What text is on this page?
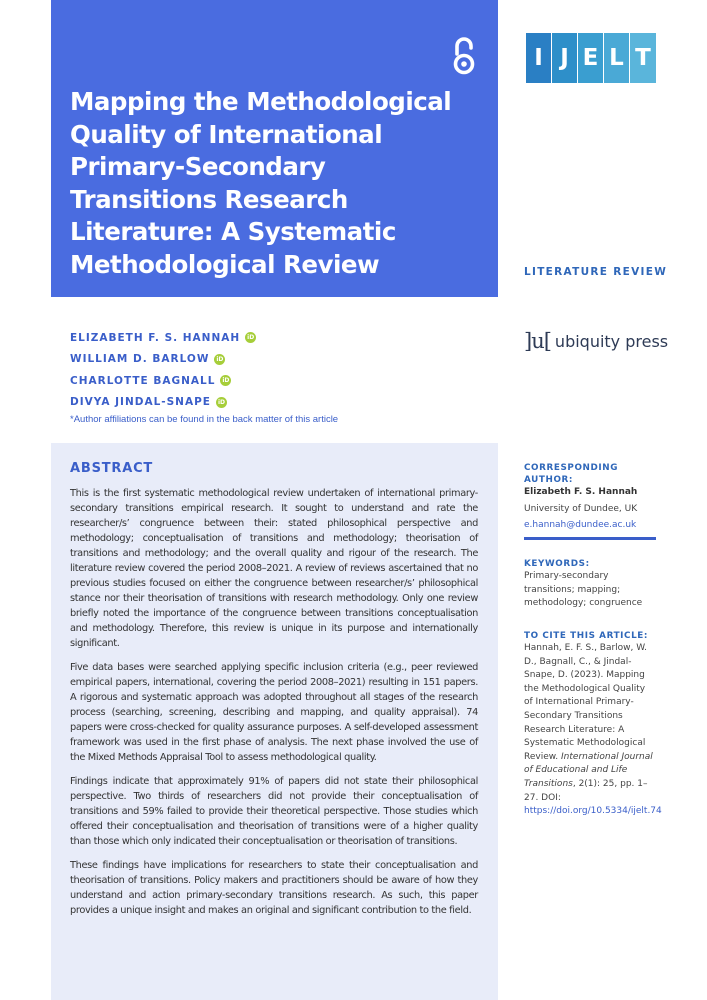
Mapping the Methodological
Quality of International
Primary-Secondary
Transitions Research
Literature: A Systematic
Methodological Review
I J E L T
LITERATURE REVIEW
]u[ ubiquity press
ELIZABETH F. S. HANNAH	iD
WILLIAM D. BARLOW	iD
CHARLOTTE BAGNALL	iD
DIVYA JINDAL-SNAPE	iD
*Author affiliations can be found in the back matter of this article
ABSTRACT

This is the first systematic methodological review undertaken of international primary-secondary transitions empirical research. It sought to understand and rate the researcher/s’ congruence between their: stated philosophical perspective and methodology; conceptualisation of transitions and methodology; theorisation of transitions and methodology; and the overall quality and rigour of the research. The literature review covered the period 2008–2021. A review of reviews ascertained that no previous studies focused on either the congruence between researcher/s’ philosophical stance nor their theorisation of transitions with research methodology. Only one review briefly noted the importance of the congruence between transitions conceptualisation and methodology. Therefore, this review is unique in its purpose and internationally significant.

Five data bases were searched applying specific inclusion criteria (e.g., peer reviewed empirical papers, international, covering the period 2008–2021) resulting in 151 papers. A rigorous and systematic approach was adopted throughout all stages of the research process (searching, screening, describing and mapping, and quality appraisal). 74 papers were cross-checked for quality assurance purposes. A self-developed assessment framework was used in the first phase of analysis. The next phase involved the use of the Mixed Methods Appraisal Tool to assess methodological quality.

Findings indicate that approximately 91% of papers did not state their philosophical perspective. Two thirds of researchers did not provide their conceptualisation of transitions and 59% failed to provide their theoretical perspective. Those studies which offered their conceptualisation and theorisation of transitions were of a higher quality than those which only indicated their conceptualisation or theorisation of transitions.

These findings have implications for researchers to state their conceptualisation and theorisation of transitions. Policy makers and practitioners should be aware of how they understand and action primary-secondary transitions research. As such, this paper provides a unique insight and makes an original and significant contribution to the field.

CORRESPONDING AUTHOR:
Elizabeth F. S. Hannah
University of Dundee, UK
e.hannah@dundee.ac.uk
KEYWORDS:
Primary-secondary transitions; mapping; methodology; congruence
TO CITE THIS ARTICLE:
Hannah, E. F. S., Barlow, W. D., Bagnall, C., & Jindal-Snape, D. (2023). Mapping the Methodological Quality of International Primary-Secondary Transitions Research Literature: A Systematic Methodological Review. International Journal of Educational and Life Transitions, 2(1): 25, pp. 1–27. DOI: https://doi.org/10.5334/ijelt.74
